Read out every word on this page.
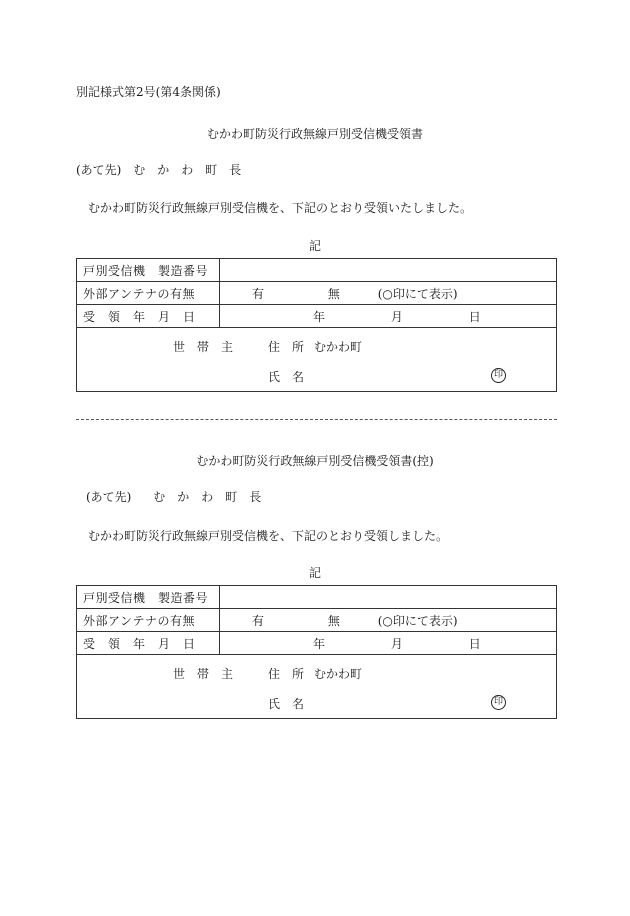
別記様式第2号(第4条関係)
むかわ町防災行政無線戸別受信機受領書
(あて先) む　か　わ　町　長
むかわ町防災行政無線戸別受信機を、下記のとおり受領いたしました。
記
戸別受信機　製造番号	
外部アンテナの有無	有 無 (○印にて表示)
受　領　年　月　日	年 月 日

世　帯　主 住　所 むかわ町
氏　名 印	
むかわ町防災行政無線戸別受信機受領書(控)
(あて先) む　か　わ　町　長
むかわ町防災行政無線戸別受信機を、下記のとおり受領しました。
記
戸別受信機　製造番号	
外部アンテナの有無	有 無 (○印にて表示)
受　領　年　月　日	年 月 日

世　帯　主 住　所 むかわ町
氏　名 印	
